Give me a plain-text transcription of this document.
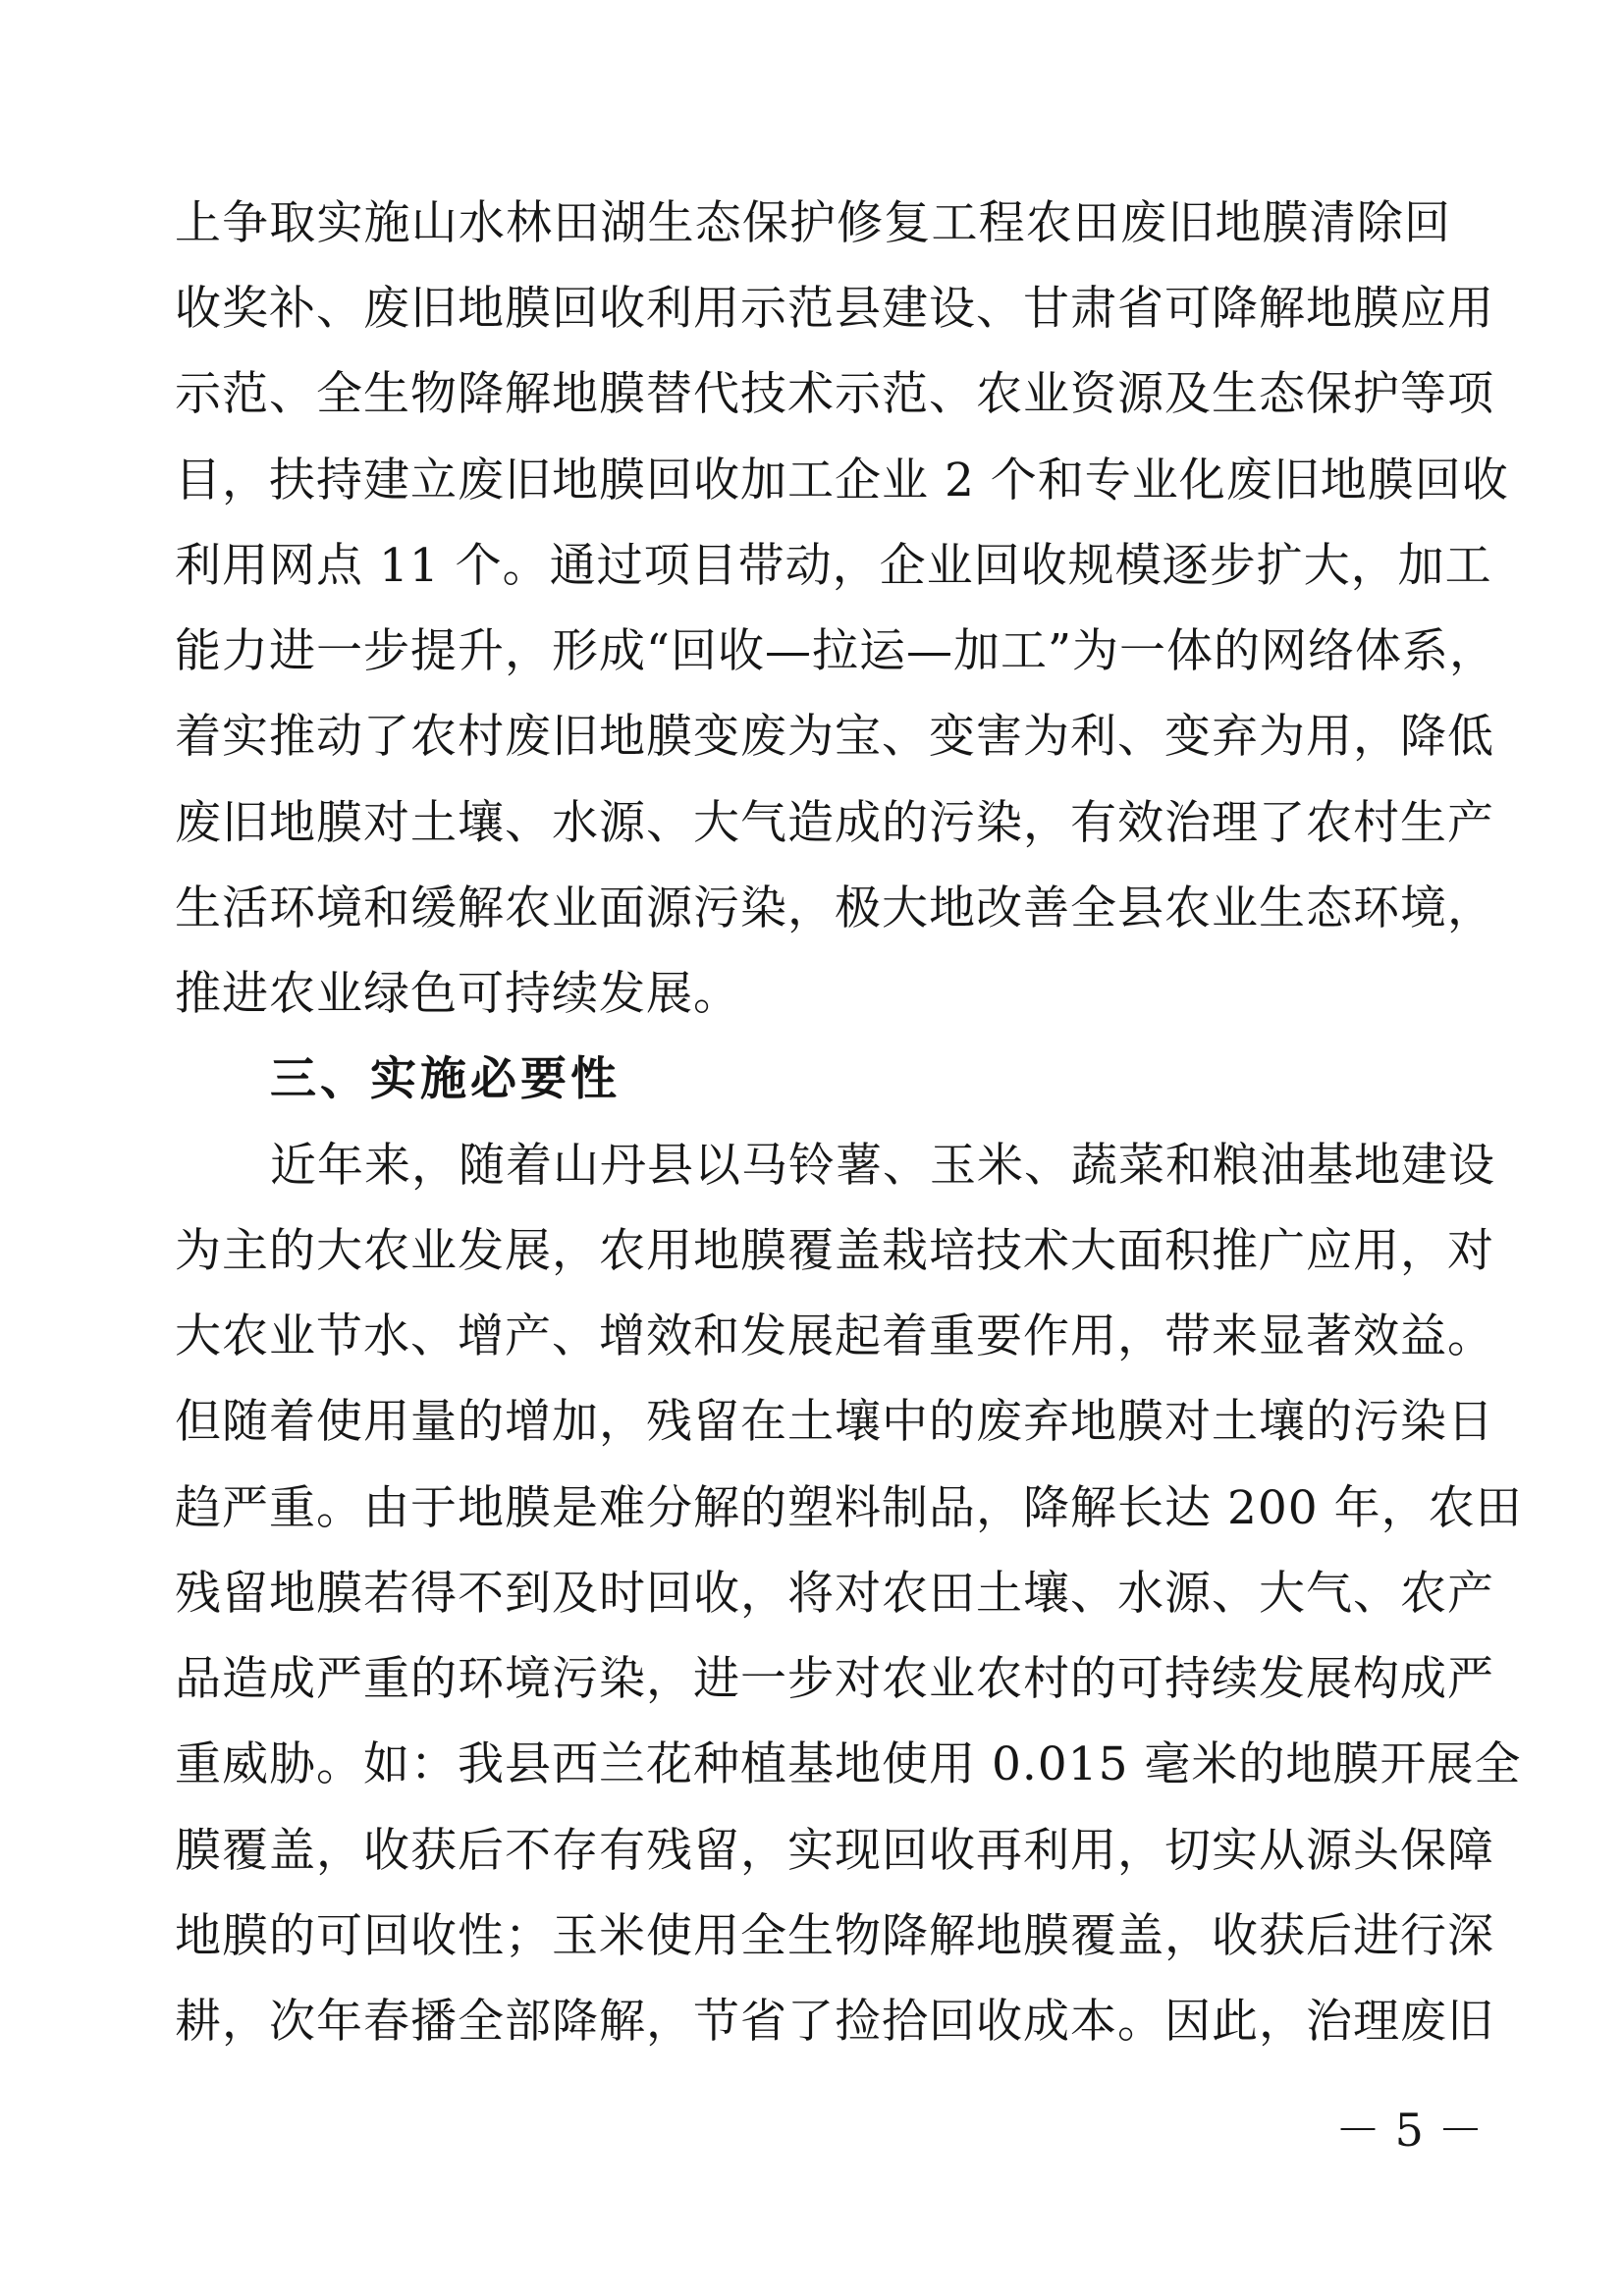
上争取实施山水林田湖生态保护修复工程农田废旧地膜清除回
收奖补、废旧地膜回收利用示范县建设、甘肃省可降解地膜应用
示范、全生物降解地膜替代技术示范、农业资源及生态保护等项
目，扶持建立废旧地膜回收加工企业 2 个和专业化废旧地膜回收
利用网点 11 个。通过项目带动，企业回收规模逐步扩大，加工
能力进一步提升，形成“回收—拉运—加工”为一体的网络体系，
着实推动了农村废旧地膜变废为宝、变害为利、变弃为用，降低
废旧地膜对土壤、水源、大气造成的污染，有效治理了农村生产
生活环境和缓解农业面源污染，极大地改善全县农业生态环境，
推进农业绿色可持续发展。
三、实施必要性
近年来，随着山丹县以马铃薯、玉米、蔬菜和粮油基地建设
为主的大农业发展，农用地膜覆盖栽培技术大面积推广应用，对
大农业节水、增产、增效和发展起着重要作用，带来显著效益。
但随着使用量的增加，残留在土壤中的废弃地膜对土壤的污染日
趋严重。由于地膜是难分解的塑料制品，降解长达 200 年，农田
残留地膜若得不到及时回收，将对农田土壤、水源、大气、农产
品造成严重的环境污染，进一步对农业农村的可持续发展构成严
重威胁。如：我县西兰花种植基地使用 0.015 毫米的地膜开展全
膜覆盖，收获后不存有残留，实现回收再利用，切实从源头保障
地膜的可回收性；玉米使用全生物降解地膜覆盖，收获后进行深
耕，次年春播全部降解，节省了捡拾回收成本。因此，治理废旧
－ 5 －
